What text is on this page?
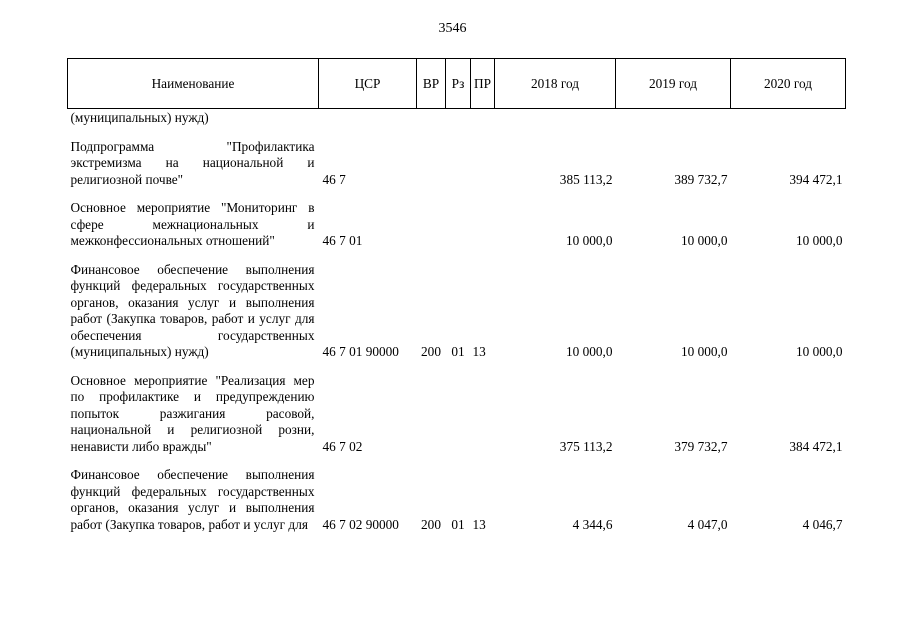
3546
Наименование	ЦСР	ВР	Рз	ПР	2018 год	2019 год	2020 год
(муниципальных) нужд)							
Подпрограмма "Профилактика экстремизма на национальной и религиозной почве"	46 7				385 113,2	389 732,7	394 472,1
Основное мероприятие "Мониторинг в сфере межнациональных и межконфессиональных отношений"	46 7 01				10 000,0	10 000,0	10 000,0
Финансовое обеспечение выполнения функций федеральных государственных органов, оказания услуг и выполнения работ (Закупка товаров, работ и услуг для обеспечения государственных (муниципальных) нужд)	46 7 01 90000	200	01	13	10 000,0	10 000,0	10 000,0
Основное мероприятие "Реализация мер по профилактике и предупреждению попыток разжигания расовой, национальной и религиозной розни, ненависти либо вражды"	46 7 02				375 113,2	379 732,7	384 472,1
Финансовое обеспечение выполнения функций федеральных государственных органов, оказания услуг и выполнения работ (Закупка товаров, работ и услуг для	46 7 02 90000	200	01	13	4 344,6	4 047,0	4 046,7
